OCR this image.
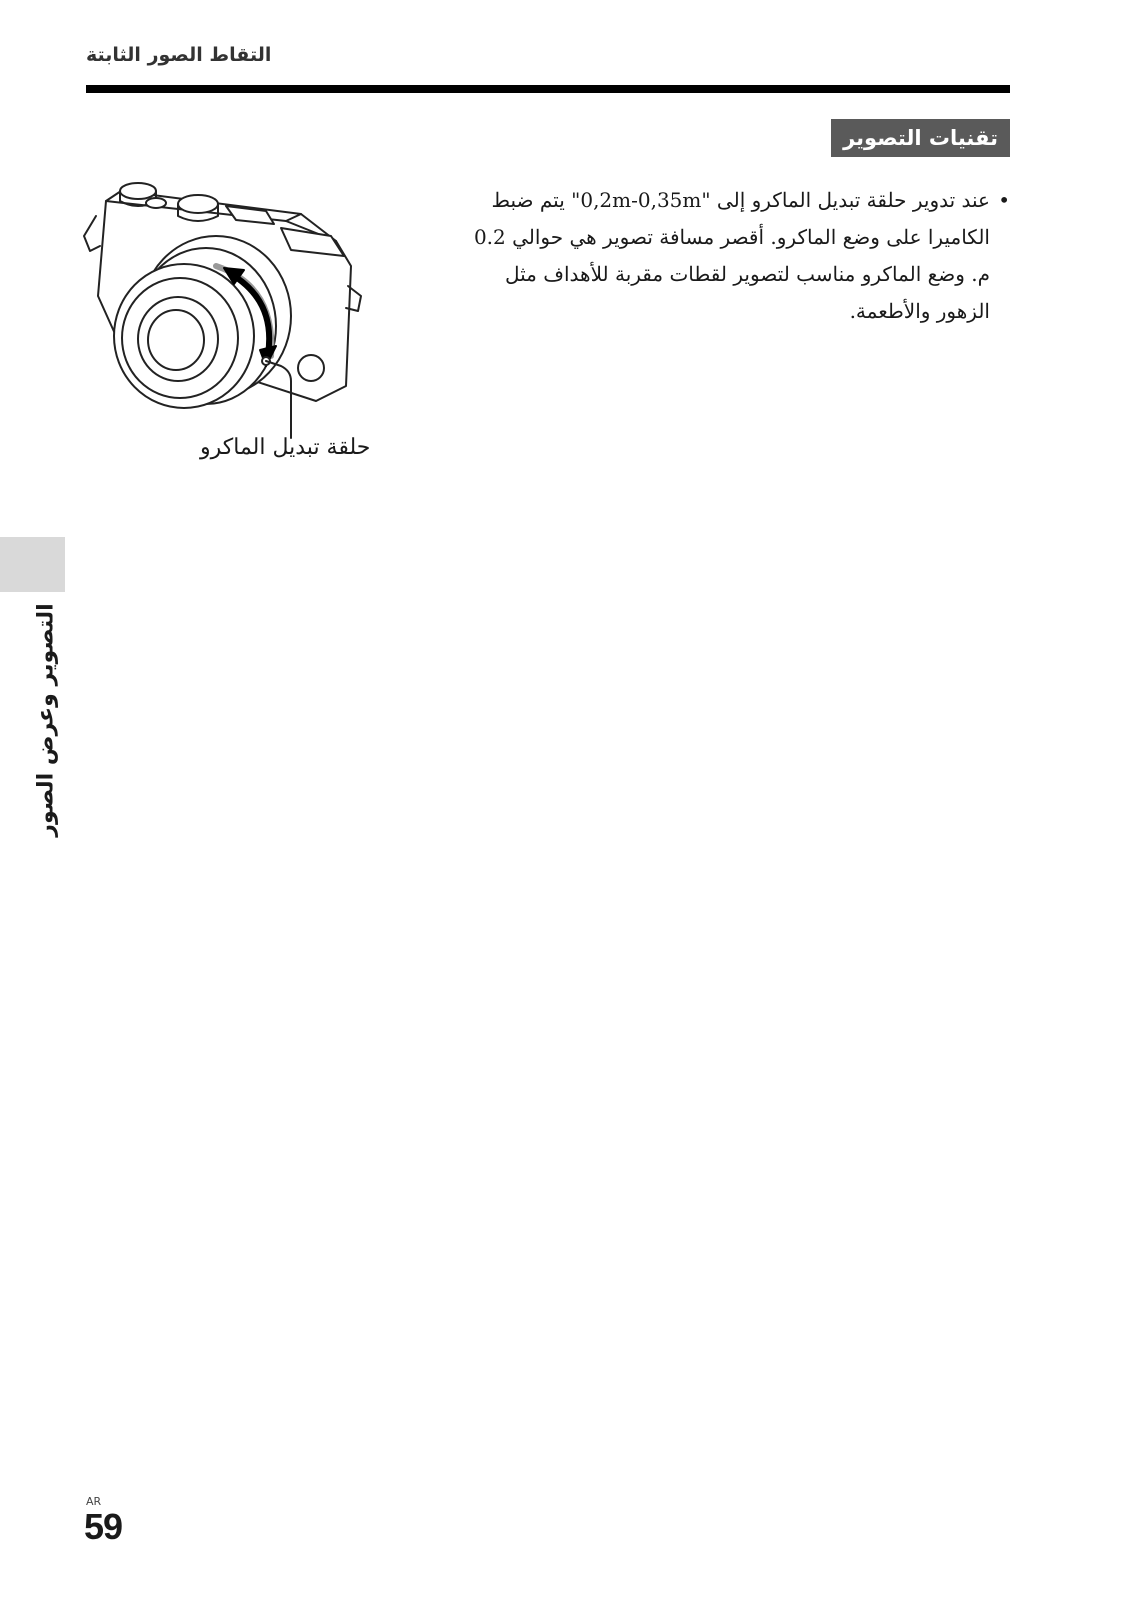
التقاط الصور الثابتة
تقنيات التصوير
•
عند تدوير حلقة تبديل الماكرو إلى "0,2m-0,35m" يتم ضبط الكاميرا على وضع الماكرو. أقصر مسافة تصوير هي حوالي 0.2 م. وضع الماكرو مناسب لتصوير لقطات مقربة للأهداف مثل الزهور والأطعمة.
حلقة تبديل الماكرو
التصوير وعرض الصور
AR
59
